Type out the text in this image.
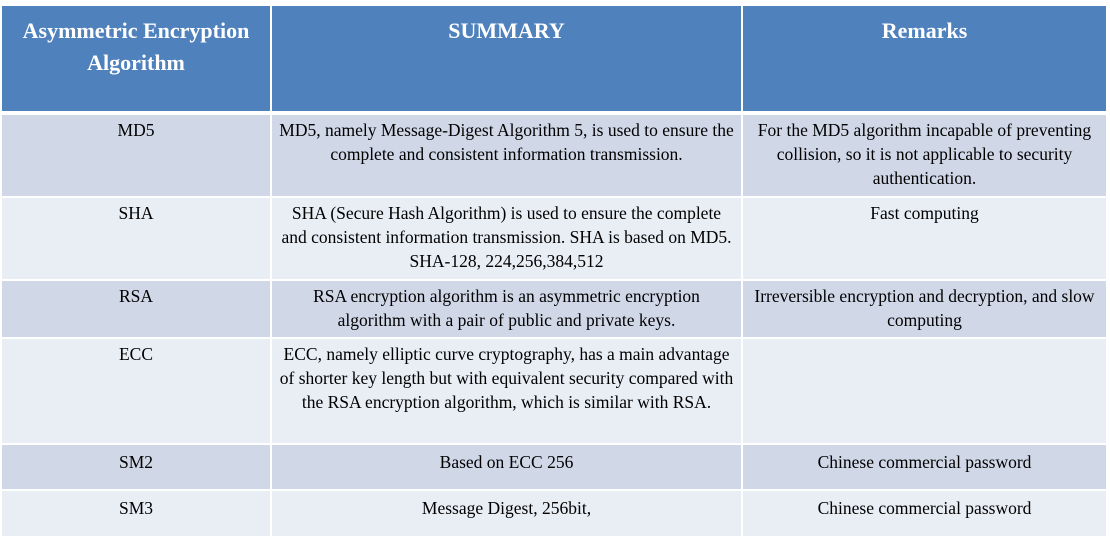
Asymmetric Encryption Algorithm	SUMMARY	Remarks
MD5	MD5, namely Message-Digest Algorithm 5, is used to ensure the complete and consistent information transmission.	For the MD5 algorithm incapable of preventing collision, so it is not applicable to security authentication.
SHA	SHA (Secure Hash Algorithm) is used to ensure the complete and consistent information transmission. SHA is based on MD5. SHA-128, 224,256,384,512	Fast computing
RSA	RSA encryption algorithm is an asymmetric encryption algorithm with a pair of public and private keys.	Irreversible encryption and decryption, and slow computing
ECC	ECC, namely elliptic curve cryptography, has a main advantage of shorter key length but with equivalent security compared with the RSA encryption algorithm, which is similar with RSA.	
SM2	Based on ECC 256	Chinese commercial password
SM3	Message Digest, 256bit,	Chinese commercial password
